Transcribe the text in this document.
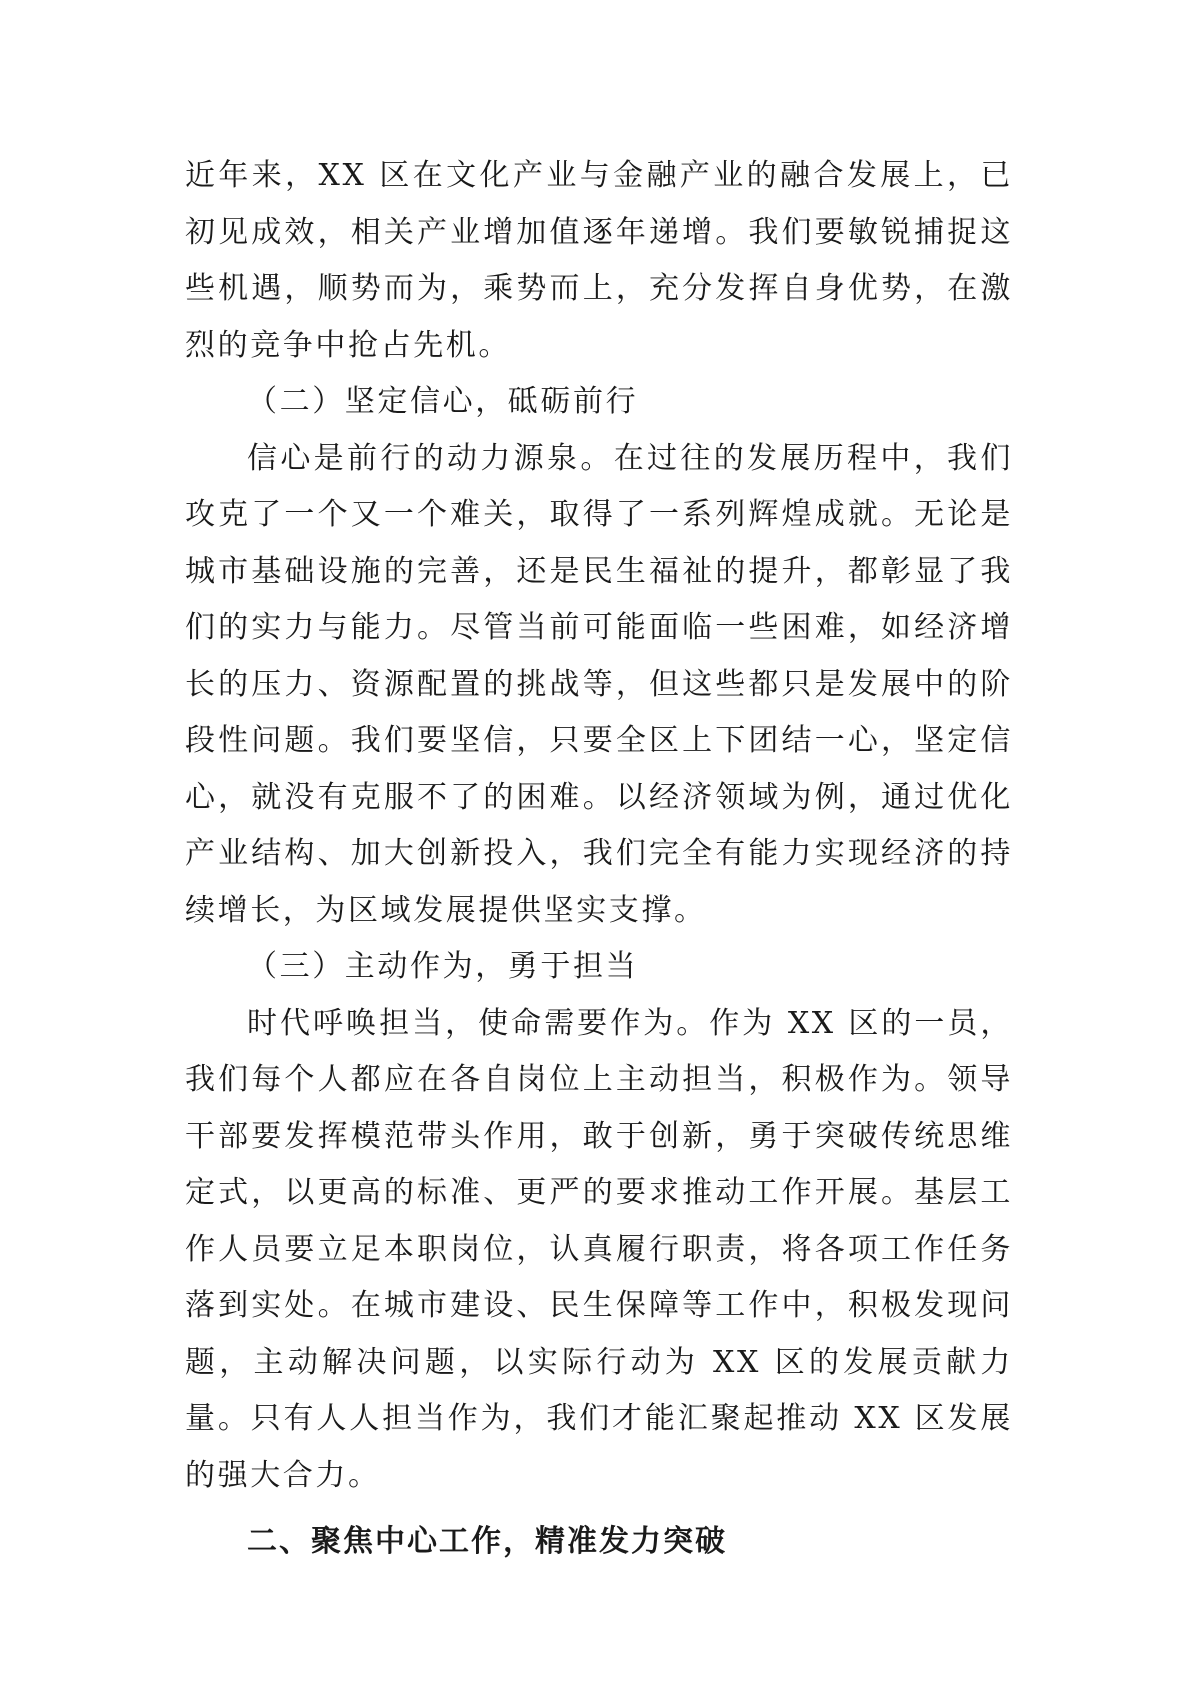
近年来，XX 区在文化产业与金融产业的融合发展上，已初见成效，相关产业增加值逐年递增。我们要敏锐捕捉这些机遇，顺势而为，乘势而上，充分发挥自身优势，在激烈的竞争中抢占先机。

（二）坚定信心，砥砺前行

信心是前行的动力源泉。在过往的发展历程中，我们攻克了一个又一个难关，取得了一系列辉煌成就。无论是城市基础设施的完善，还是民生福祉的提升，都彰显了我们的实力与能力。尽管当前可能面临一些困难，如经济增长的压力、资源配置的挑战等，但这些都只是发展中的阶段性问题。我们要坚信，只要全区上下团结一心，坚定信心，就没有克服不了的困难。以经济领域为例，通过优化产业结构、加大创新投入，我们完全有能力实现经济的持续增长，为区域发展提供坚实支撑。

（三）主动作为，勇于担当

时代呼唤担当，使命需要作为。作为 XX 区的一员，我们每个人都应在各自岗位上主动担当，积极作为。领导干部要发挥模范带头作用，敢于创新，勇于突破传统思维定式，以更高的标准、更严的要求推动工作开展。基层工作人员要立足本职岗位，认真履行职责，将各项工作任务落到实处。在城市建设、民生保障等工作中，积极发现问题，主动解决问题，以实际行动为 XX 区的发展贡献力量。只有人人担当作为，我们才能汇聚起推动 XX 区发展的强大合力。

二、聚焦中心工作，精准发力突破
